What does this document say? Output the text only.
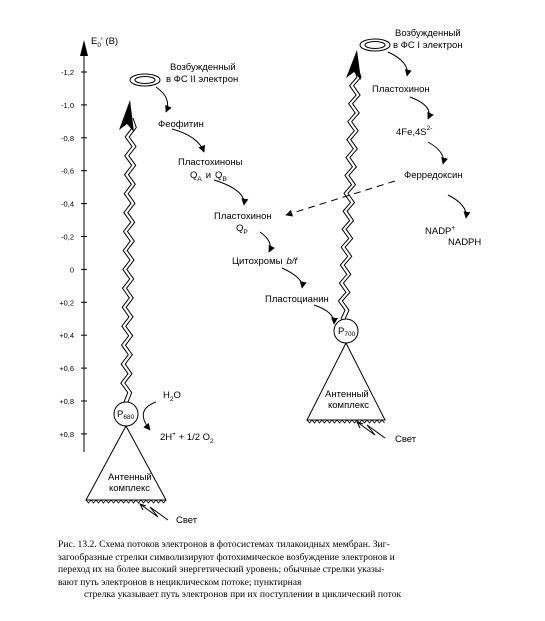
$E_0'$ (В)
-1,2
-1,0
-0,8
-0,6
-0,4
-0,2
0
+0,2
+0,4
+0,6
+0,8
+0,8
Возбужденный в ФС II электрон
Феофитин
Пластохиноны
$Q_A$ и $Q_B$
Пластохинон
$Q_P$
Цитохромы b/f
Пластоцианин
$P_{680}$
$H_2O$
2H+ + 1/2 $O_2$
Антенный комплекс
Свет
Возбужденный в ФС I электрон
Пластохинон
$4Fe,4S^{2-}$
Ферредоксин
NADP+
NADPH
$P_{700}$
Антенный комплекс
Свет
Рис. 13.2. Схема потоков электронов в фотосистемах тилакоидных мембран. Зиг-
загообразные стрелки символизируют фотохимическое возбуждение электронов и
переход их на более высокий энергетический уровень; обычные стрелки указы-
вают путь электронов в нециклическом потоке; пунктирная
стрелка указывает путь электронов при их поступлении в циклический поток
